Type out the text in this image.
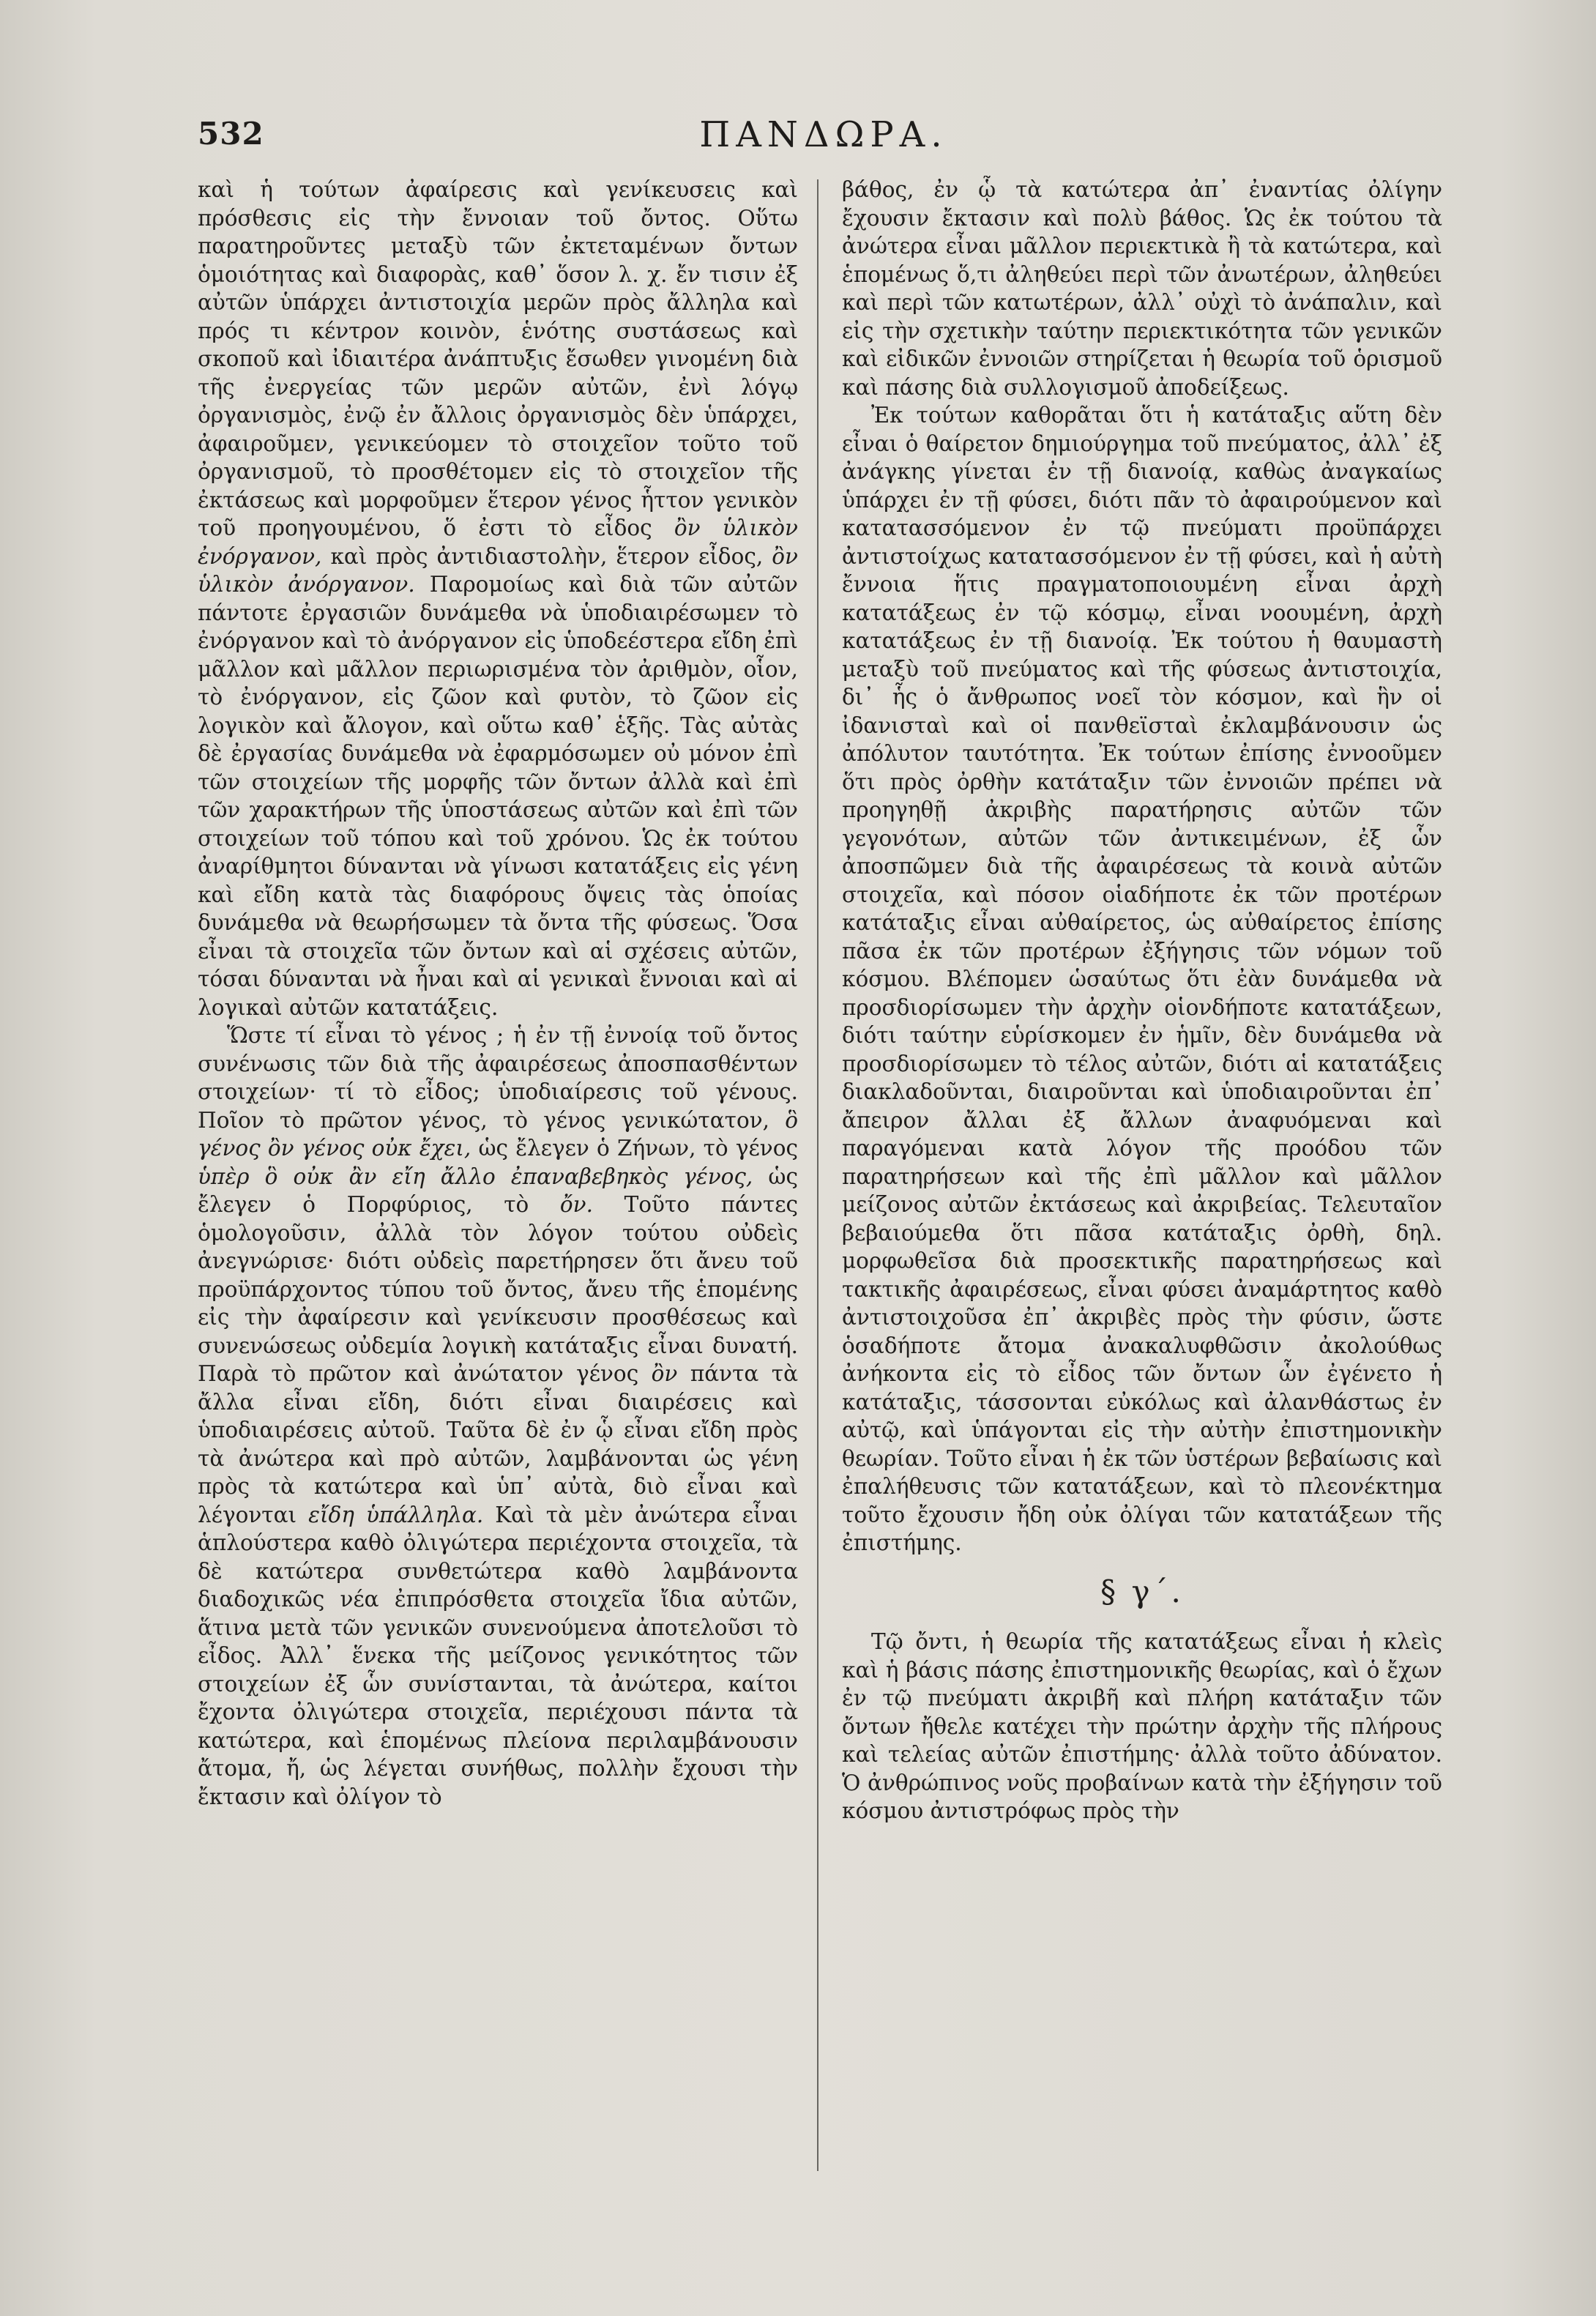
532	ΠΑΝΔΩΡΑ.

καὶ ἡ τούτων ἀφαίρεσις καὶ γενίκευσεις καὶ πρόσθεσις εἰς τὴν ἔννοιαν τοῦ ὄντος. Οὕτω παρατηροῦντες μεταξὺ τῶν ἐκτεταμένων ὄντων ὁμοιότητας καὶ διαφορὰς, καθ᾿ ὅσον λ. χ. ἔν τισιν ἐξ αὐτῶν ὑπάρχει ἀντιστοιχία μερῶν πρὸς ἄλληλα καὶ πρός τι κέντρον κοινὸν, ἑνότης συστάσεως καὶ σκοποῦ καὶ ἰδιαιτέρα ἀνάπτυξις ἔσωθεν γινομένη διὰ τῆς ἐνεργείας τῶν μερῶν αὐτῶν, ἐνὶ λόγῳ ὀργανισμὸς, ἐνῷ ἐν ἄλλοις ὀργανισμὸς δὲν ὑπάρχει, ἀφαιροῦμεν, γενικεύομεν τὸ στοιχεῖον τοῦτο τοῦ ὀργανισμοῦ, τὸ προσθέτομεν εἰς τὸ στοιχεῖον τῆς ἐκτάσεως καὶ μορφοῦμεν ἕτερον γένος ἧττον γενικὸν τοῦ προηγουμένου, ὅ ἐστι τὸ εἶδος ὂν ὑλικὸν ἐνόργανον, καὶ πρὸς ἀντιδιαστολὴν, ἕτερον εἶδος, ὂν ὑλικὸν ἀνόργανον. Παρομοίως καὶ διὰ τῶν αὐτῶν πάντοτε ἐργασιῶν δυνάμεθα νὰ ὑποδιαιρέσωμεν τὸ ἐνόργανον καὶ τὸ ἀνόργανον εἰς ὑποδεέστερα εἴδη ἐπὶ μᾶλλον καὶ μᾶλλον περιωρισμένα τὸν ἀριθμὸν, οἷον, τὸ ἐνόργανον, εἰς ζῶον καὶ φυτὸν, τὸ ζῶον εἰς λογικὸν καὶ ἄλογον, καὶ οὕτω καθ᾿ ἑξῆς. Τὰς αὐτὰς δὲ ἐργασίας δυνάμεθα νὰ ἐφαρμόσωμεν οὐ μόνον ἐπὶ τῶν στοιχείων τῆς μορφῆς τῶν ὄντων ἀλλὰ καὶ ἐπὶ τῶν χαρακτήρων τῆς ὑποστάσεως αὐτῶν καὶ ἐπὶ τῶν στοιχείων τοῦ τόπου καὶ τοῦ χρόνου. Ὡς ἐκ τούτου ἀναρίθμητοι δύνανται νὰ γίνωσι κατατάξεις εἰς γένη καὶ εἴδη κατὰ τὰς διαφόρους ὄψεις τὰς ὁποίας δυνάμεθα νὰ θεωρήσωμεν τὰ ὄντα τῆς φύσεως. Ὅσα εἶναι τὰ στοιχεῖα τῶν ὄντων καὶ αἱ σχέσεις αὐτῶν, τόσαι δύνανται νὰ ἦναι καὶ αἱ γενικαὶ ἔννοιαι καὶ αἱ λογικαὶ αὐτῶν κατατάξεις.

Ὥστε τί εἶναι τὸ γένος ; ἡ ἐν τῇ ἐννοίᾳ τοῦ ὄντος συνένωσις τῶν διὰ τῆς ἀφαιρέσεως ἀποσπασθέντων στοιχείων· τί τὸ εἶδος; ὑποδιαίρεσις τοῦ γένους. Ποῖον τὸ πρῶτον γένος, τὸ γένος γενικώτατον, ὃ γένος ὂν γένος οὐκ ἔχει, ὡς ἔλεγεν ὁ Ζήνων, τὸ γένος ὑπὲρ ὃ οὐκ ἂν εἴη ἄλλο ἐπαναβεβηκὸς γένος, ὡς ἔλεγεν ὁ Πορφύριος, τὸ ὄν. Τοῦτο πάντες ὁμολογοῦσιν, ἀλλὰ τὸν λόγον τούτου οὐδεὶς ἀνεγνώρισε· διότι οὐδεὶς παρετήρησεν ὅτι ἄνευ τοῦ προϋπάρχοντος τύπου τοῦ ὄντος, ἄνευ τῆς ἑπομένης εἰς τὴν ἀφαίρεσιν καὶ γενίκευσιν προσθέσεως καὶ συνενώσεως οὐδεμία λογικὴ κατάταξις εἶναι δυνατή. Παρὰ τὸ πρῶτον καὶ ἀνώτατον γένος ὂν πάντα τὰ ἄλλα εἶναι εἴδη, διότι εἶναι διαιρέσεις καὶ ὑποδιαιρέσεις αὐτοῦ. Ταῦτα δὲ ἐν ᾧ εἶναι εἴδη πρὸς τὰ ἀνώτερα καὶ πρὸ αὐτῶν, λαμβάνονται ὡς γένη πρὸς τὰ κατώτερα καὶ ὑπ᾿ αὐτὰ, διὸ εἶναι καὶ λέγονται εἴδη ὑπάλληλα. Καὶ τὰ μὲν ἀνώτερα εἶναι ἁπλούστερα καθὸ ὀλιγώτερα περιέχοντα στοιχεῖα, τὰ δὲ κατώτερα συνθετώτερα καθὸ λαμβάνοντα διαδοχικῶς νέα ἐπιπρόσθετα στοιχεῖα ἴδια αὐτῶν, ἅτινα μετὰ τῶν γενικῶν συνενούμενα ἀποτελοῦσι τὸ εἶδος. Ἀλλ᾿ ἕνεκα τῆς μείζονος γενικότητος τῶν στοιχείων ἐξ ὧν συνίστανται, τὰ ἀνώτερα, καίτοι ἔχοντα ὀλιγώτερα στοιχεῖα, περιέχουσι πάντα τὰ κατώτερα, καὶ ἑπομένως πλείονα περιλαμβάνουσιν ἄτομα, ἤ, ὡς λέγεται συνήθως, πολλὴν ἔχουσι τὴν ἔκτασιν καὶ ὀλίγον τὸ

βάθος, ἐν ᾧ τὰ κατώτερα ἀπ᾿ ἐναντίας ὀλίγην ἔχουσιν ἔκτασιν καὶ πολὺ βάθος. Ὡς ἐκ τούτου τὰ ἀνώτερα εἶναι μᾶλλον περιεκτικὰ ἢ τὰ κατώτερα, καὶ ἑπομένως ὅ,τι ἀληθεύει περὶ τῶν ἀνωτέρων, ἀληθεύει καὶ περὶ τῶν κατωτέρων, ἀλλ᾿ οὐχὶ τὸ ἀνάπαλιν, καὶ εἰς τὴν σχετικὴν ταύτην περιεκτικότητα τῶν γενικῶν καὶ εἰδικῶν ἐννοιῶν στηρίζεται ἡ θεωρία τοῦ ὁρισμοῦ καὶ πάσης διὰ συλλογισμοῦ ἀποδείξεως.

Ἐκ τούτων καθορᾶται ὅτι ἡ κατάταξις αὕτη δὲν εἶναι ὁ θαίρετον δημιούργημα τοῦ πνεύματος, ἀλλ᾿ ἐξ ἀνάγκης γίνεται ἐν τῇ διανοίᾳ, καθὼς ἀναγκαίως ὑπάρχει ἐν τῇ φύσει, διότι πᾶν τὸ ἀφαιρούμενον καὶ κατατασσόμενον ἐν τῷ πνεύματι προϋπάρχει ἀντιστοίχως κατατασσόμενον ἐν τῇ φύσει, καὶ ἡ αὐτὴ ἔννοια ἥτις πραγματοποιουμένη εἶναι ἀρχὴ κατατάξεως ἐν τῷ κόσμῳ, εἶναι νοουμένη, ἀρχὴ κατατάξεως ἐν τῇ διανοίᾳ. Ἐκ τούτου ἡ θαυμαστὴ μεταξὺ τοῦ πνεύματος καὶ τῆς φύσεως ἀντιστοιχία, δι᾿ ἧς ὁ ἄνθρωπος νοεῖ τὸν κόσμον, καὶ ἣν οἱ ἰδανισταὶ καὶ οἱ πανθεϊσταὶ ἐκλαμβάνουσιν ὡς ἀπόλυτον ταυτότητα. Ἐκ τούτων ἐπίσης ἐννοοῦμεν ὅτι πρὸς ὀρθὴν κατάταξιν τῶν ἐννοιῶν πρέπει νὰ προηγηθῇ ἀκριβὴς παρατήρησις αὐτῶν τῶν γεγονότων, αὐτῶν τῶν ἀντικειμένων, ἐξ ὧν ἀποσπῶμεν διὰ τῆς ἀφαιρέσεως τὰ κοινὰ αὐτῶν στοιχεῖα, καὶ πόσον οἱαδήποτε ἐκ τῶν προτέρων κατάταξις εἶναι αὐθαίρετος, ὡς αὐθαίρετος ἐπίσης πᾶσα ἐκ τῶν προτέρων ἐξήγησις τῶν νόμων τοῦ κόσμου. Βλέπομεν ὡσαύτως ὅτι ἐὰν δυνάμεθα νὰ προσδιορίσωμεν τὴν ἀρχὴν οἱονδήποτε κατατάξεων, διότι ταύτην εὑρίσκομεν ἐν ἡμῖν, δὲν δυνάμεθα νὰ προσδιορίσωμεν τὸ τέλος αὐτῶν, διότι αἱ κατατάξεις διακλαδοῦνται, διαιροῦνται καὶ ὑποδιαιροῦνται ἐπ᾿ ἄπειρον ἄλλαι ἐξ ἄλλων ἀναφυόμεναι καὶ παραγόμεναι κατὰ λόγον τῆς προόδου τῶν παρατηρήσεων καὶ τῆς ἐπὶ μᾶλλον καὶ μᾶλλον μείζονος αὐτῶν ἐκτάσεως καὶ ἀκριβείας. Τελευταῖον βεβαιούμεθα ὅτι πᾶσα κατάταξις ὀρθὴ, δηλ. μορφωθεῖσα διὰ προσεκτικῆς παρατηρήσεως καὶ τακτικῆς ἀφαιρέσεως, εἶναι φύσει ἀναμάρτητος καθὸ ἀντιστοιχοῦσα ἐπ᾿ ἀκριβὲς πρὸς τὴν φύσιν, ὥστε ὁσαδήποτε ἄτομα ἀνακαλυφθῶσιν ἀκολούθως ἀνήκοντα εἰς τὸ εἶδος τῶν ὄντων ὧν ἐγένετο ἡ κατάταξις, τάσσονται εὐκόλως καὶ ἀλανθάστως ἐν αὐτῷ, καὶ ὑπάγονται εἰς τὴν αὐτὴν ἐπιστημονικὴν θεωρίαν. Τοῦτο εἶναι ἡ ἐκ τῶν ὑστέρων βεβαίωσις καὶ ἐπαλήθευσις τῶν κατατάξεων, καὶ τὸ πλεονέκτημα τοῦτο ἔχουσιν ἤδη οὐκ ὀλίγαι τῶν κατατάξεων τῆς ἐπιστήμης.

§ γ΄.

Τῷ ὄντι, ἡ θεωρία τῆς κατατάξεως εἶναι ἡ κλεὶς καὶ ἡ βάσις πάσης ἐπιστημονικῆς θεωρίας, καὶ ὁ ἔχων ἐν τῷ πνεύματι ἀκριβῆ καὶ πλήρη κατάταξιν τῶν ὄντων ἤθελε κατέχει τὴν πρώτην ἀρχὴν τῆς πλήρους καὶ τελείας αὐτῶν ἐπιστήμης· ἀλλὰ τοῦτο ἀδύνατον. Ὁ ἀνθρώπινος νοῦς προβαίνων κατὰ τὴν ἐξήγησιν τοῦ κόσμου ἀντιστρόφως πρὸς τὴν
